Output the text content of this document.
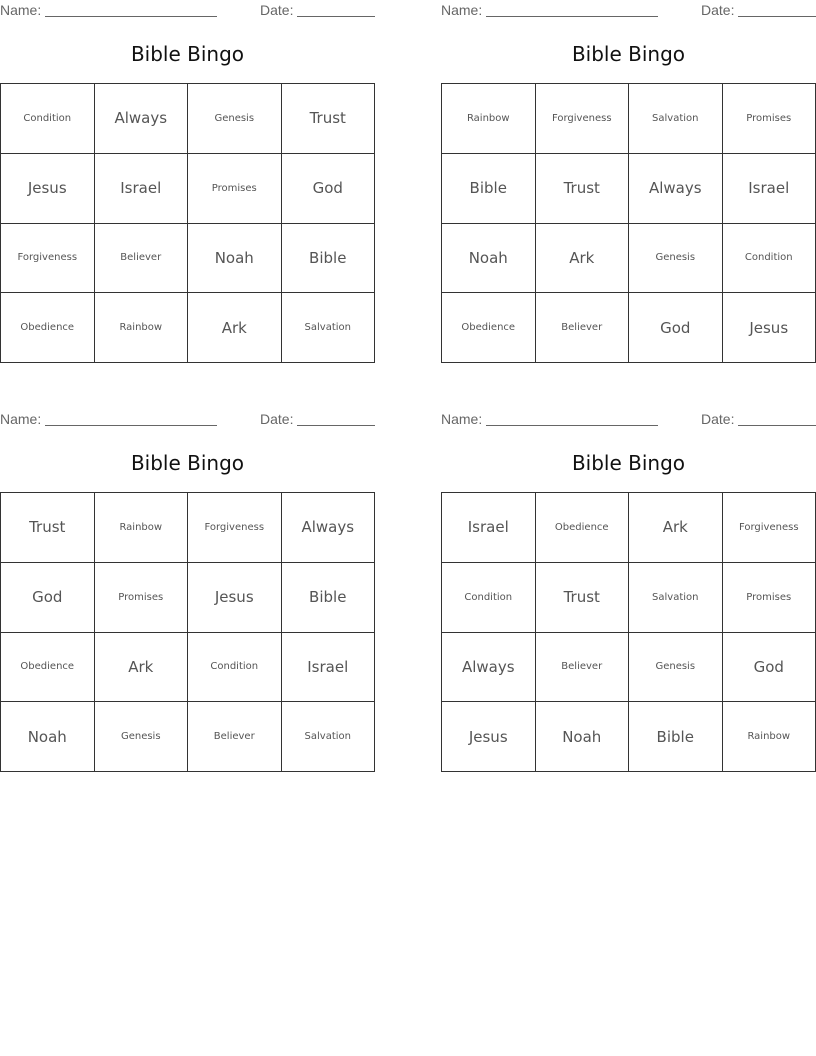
Name:	Date:
Bible Bingo
Condition	Always	Genesis	Trust
Jesus	Israel	Promises	God
Forgiveness	Believer	Noah	Bible
Obedience	Rainbow	Ark	Salvation
Name:	Date:
Bible Bingo
Rainbow	Forgiveness	Salvation	Promises
Bible	Trust	Always	Israel
Noah	Ark	Genesis	Condition
Obedience	Believer	God	Jesus
Name:	Date:
Bible Bingo
Trust	Rainbow	Forgiveness	Always
God	Promises	Jesus	Bible
Obedience	Ark	Condition	Israel
Noah	Genesis	Believer	Salvation
Name:	Date:
Bible Bingo
Israel	Obedience	Ark	Forgiveness
Condition	Trust	Salvation	Promises
Always	Believer	Genesis	God
Jesus	Noah	Bible	Rainbow
